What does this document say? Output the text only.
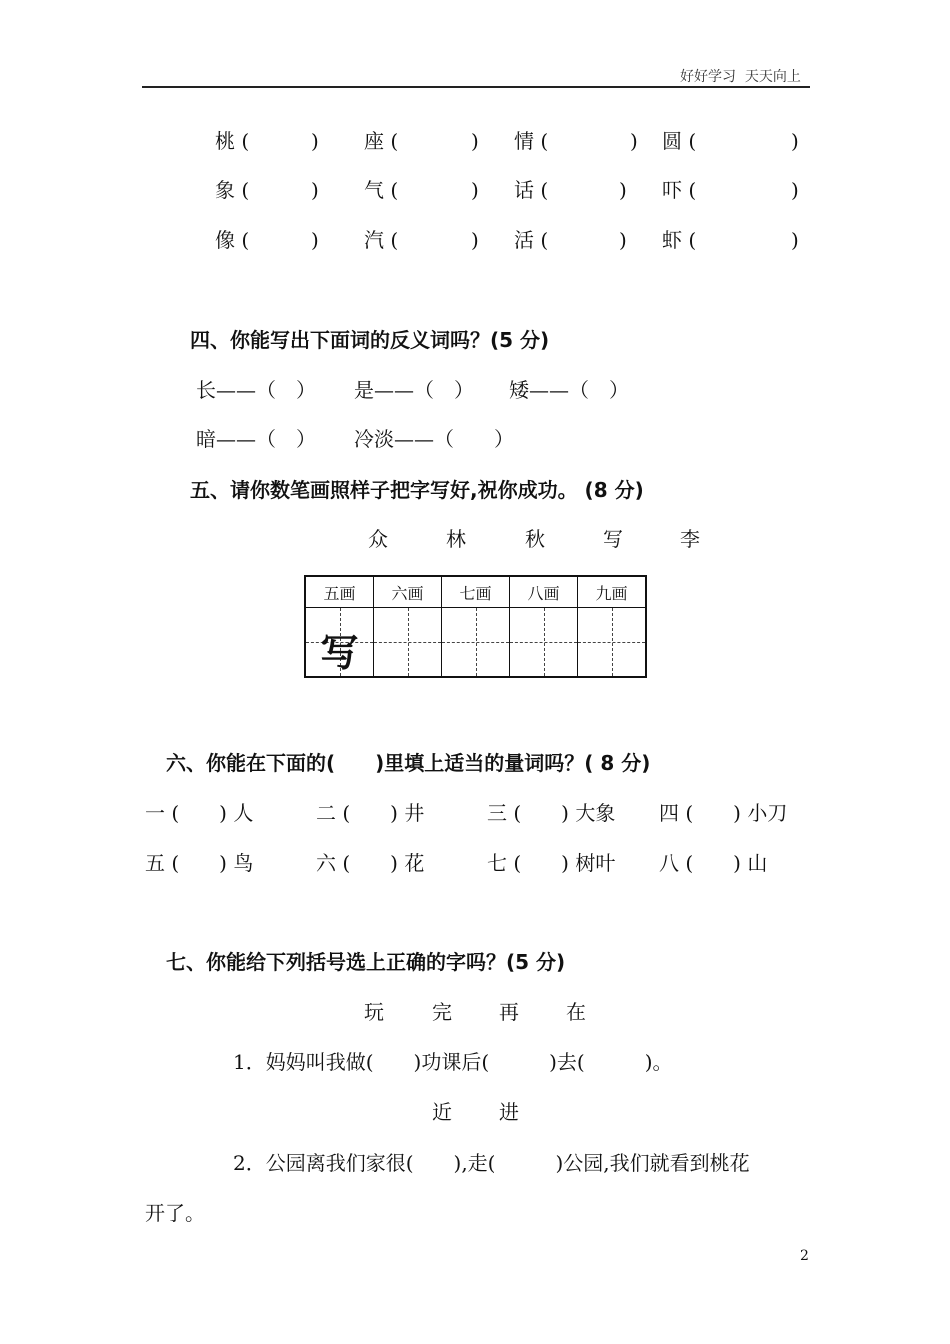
好好学习  天天向上
桃 (	) 座 (	) 情 (	) 圆 (	)
象 (	) 气 (	) 话 (	) 吓 (	)
像 (	) 汽 (	) 活 (	) 虾 (	)
四、你能写出下面词的反义词吗？(5 分)
长——（　） 是——（　） 矮——（　）
暗——（　） 冷淡——（　　）
五、请你数笔画照样子把字写好,祝你成功。 (8 分)
众	林	秋	写	李
五画	六画	七画	八画	九画

写				

六、你能在下面的(　　)里填上适当的量词吗？( 8 分)
一 (　　) 人	二 (　　) 井	三 (　　) 大象 四 (　　) 小刀
五 (　　) 鸟	六 (　　) 花	七 (　　) 树叶 八 (　　) 山
七、你能给下列括号选上正确的字吗？(5 分)
玩 完 再 在
1．妈妈叫我做(　　)功课后(　　　)去(　　　)。
近 进
2．公园离我们家很(　　),走(　　　)公园,我们就看到桃花
开了。
2
